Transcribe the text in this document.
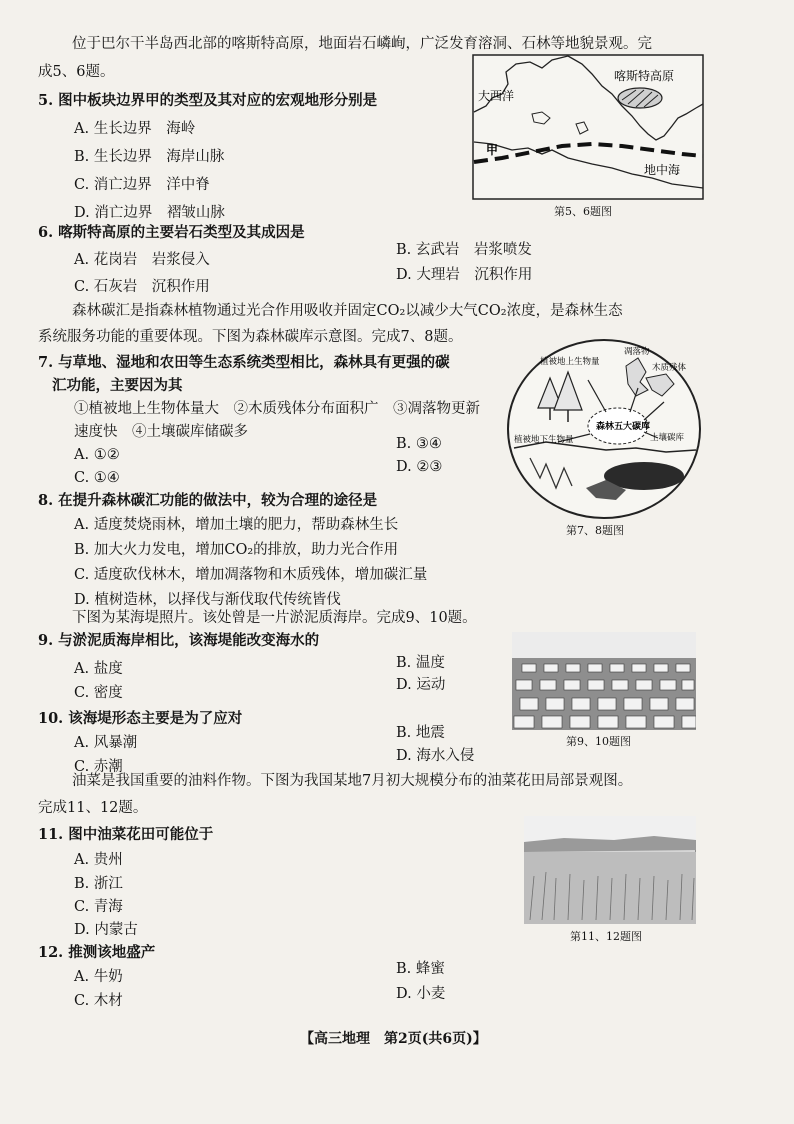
位于巴尔干半岛西北部的喀斯特高原，地面岩石嶙峋，广泛发育溶洞、石林等地貌景观。完
成5、6题。
5. 图中板块边界甲的类型及其对应的宏观地形分别是
A. 生长边界　海岭
B. 生长边界　海岸山脉
C. 消亡边界　洋中脊
D. 消亡边界　褶皱山脉
喀斯特高原
大西洋
甲
地中海
第5、6题图
6. 喀斯特高原的主要岩石类型及其成因是
A. 花岗岩　岩浆侵入
B. 玄武岩　岩浆喷发
C. 石灰岩　沉积作用
D. 大理岩　沉积作用
森林碳汇是指森林植物通过光合作用吸收并固定CO₂以减少大气CO₂浓度，是森林生态
系统服务功能的重要体现。下图为森林碳库示意图。完成7、8题。
7. 与草地、湿地和农田等生态系统类型相比，森林具有更强的碳
汇功能，主要因为其
①植被地上生物体量大　②木质残体分布面积广　③凋落物更新
速度快　④土壤碳库储碳多
A. ①②
B. ③④
C. ①④
D. ②③
植被地上生物量
凋落物
木质残体
森林五大碳库
土壤碳库
植被地下生物量
第7、8题图
8. 在提升森林碳汇功能的做法中，较为合理的途径是
A. 适度焚烧雨林，增加土壤的肥力，帮助森林生长
B. 加大火力发电，增加CO₂的排放，助力光合作用
C. 适度砍伐林木，增加凋落物和木质残体，增加碳汇量
D. 植树造林，以择伐与渐伐取代传统皆伐
下图为某海堤照片。该处曾是一片淤泥质海岸。完成9、10题。
9. 与淤泥质海岸相比，该海堤能改变海水的
A. 盐度	B. 温度
C. 密度	D. 运动
第9、10题图
10. 该海堤形态主要是为了应对
A. 风暴潮
B. 地震
C. 赤潮
D. 海水入侵
油菜是我国重要的油料作物。下图为我国某地7月初大规模分布的油菜花田局部景观图。
完成11、12题。
11. 图中油菜花田可能位于
A. 贵州
B. 浙江
C. 青海
D. 内蒙古	第11、12题图
12. 推测该地盛产
A. 牛奶	B. 蜂蜜
C. 木材	D. 小麦
【高三地理　第2页(共6页)】
